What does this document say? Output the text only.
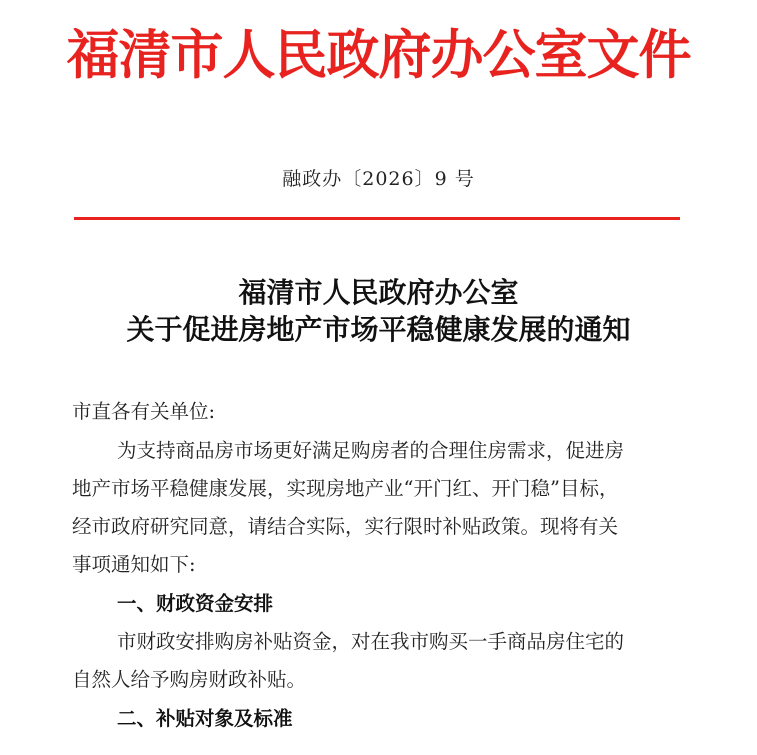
福清市人民政府办公室文件
融政办〔2026〕9 号
福清市人民政府办公室
关于促进房地产市场平稳健康发展的通知
市直各有关单位:
为支持商品房市场更好满足购房者的合理住房需求，促进房
地产市场平稳健康发展，实现房地产业“开门红、开门稳”目标，
经市政府研究同意，请结合实际，实行限时补贴政策。现将有关
事项通知如下:
一、财政资金安排
市财政安排购房补贴资金，对在我市购买一手商品房住宅的
自然人给予购房财政补贴。
二、补贴对象及标准
